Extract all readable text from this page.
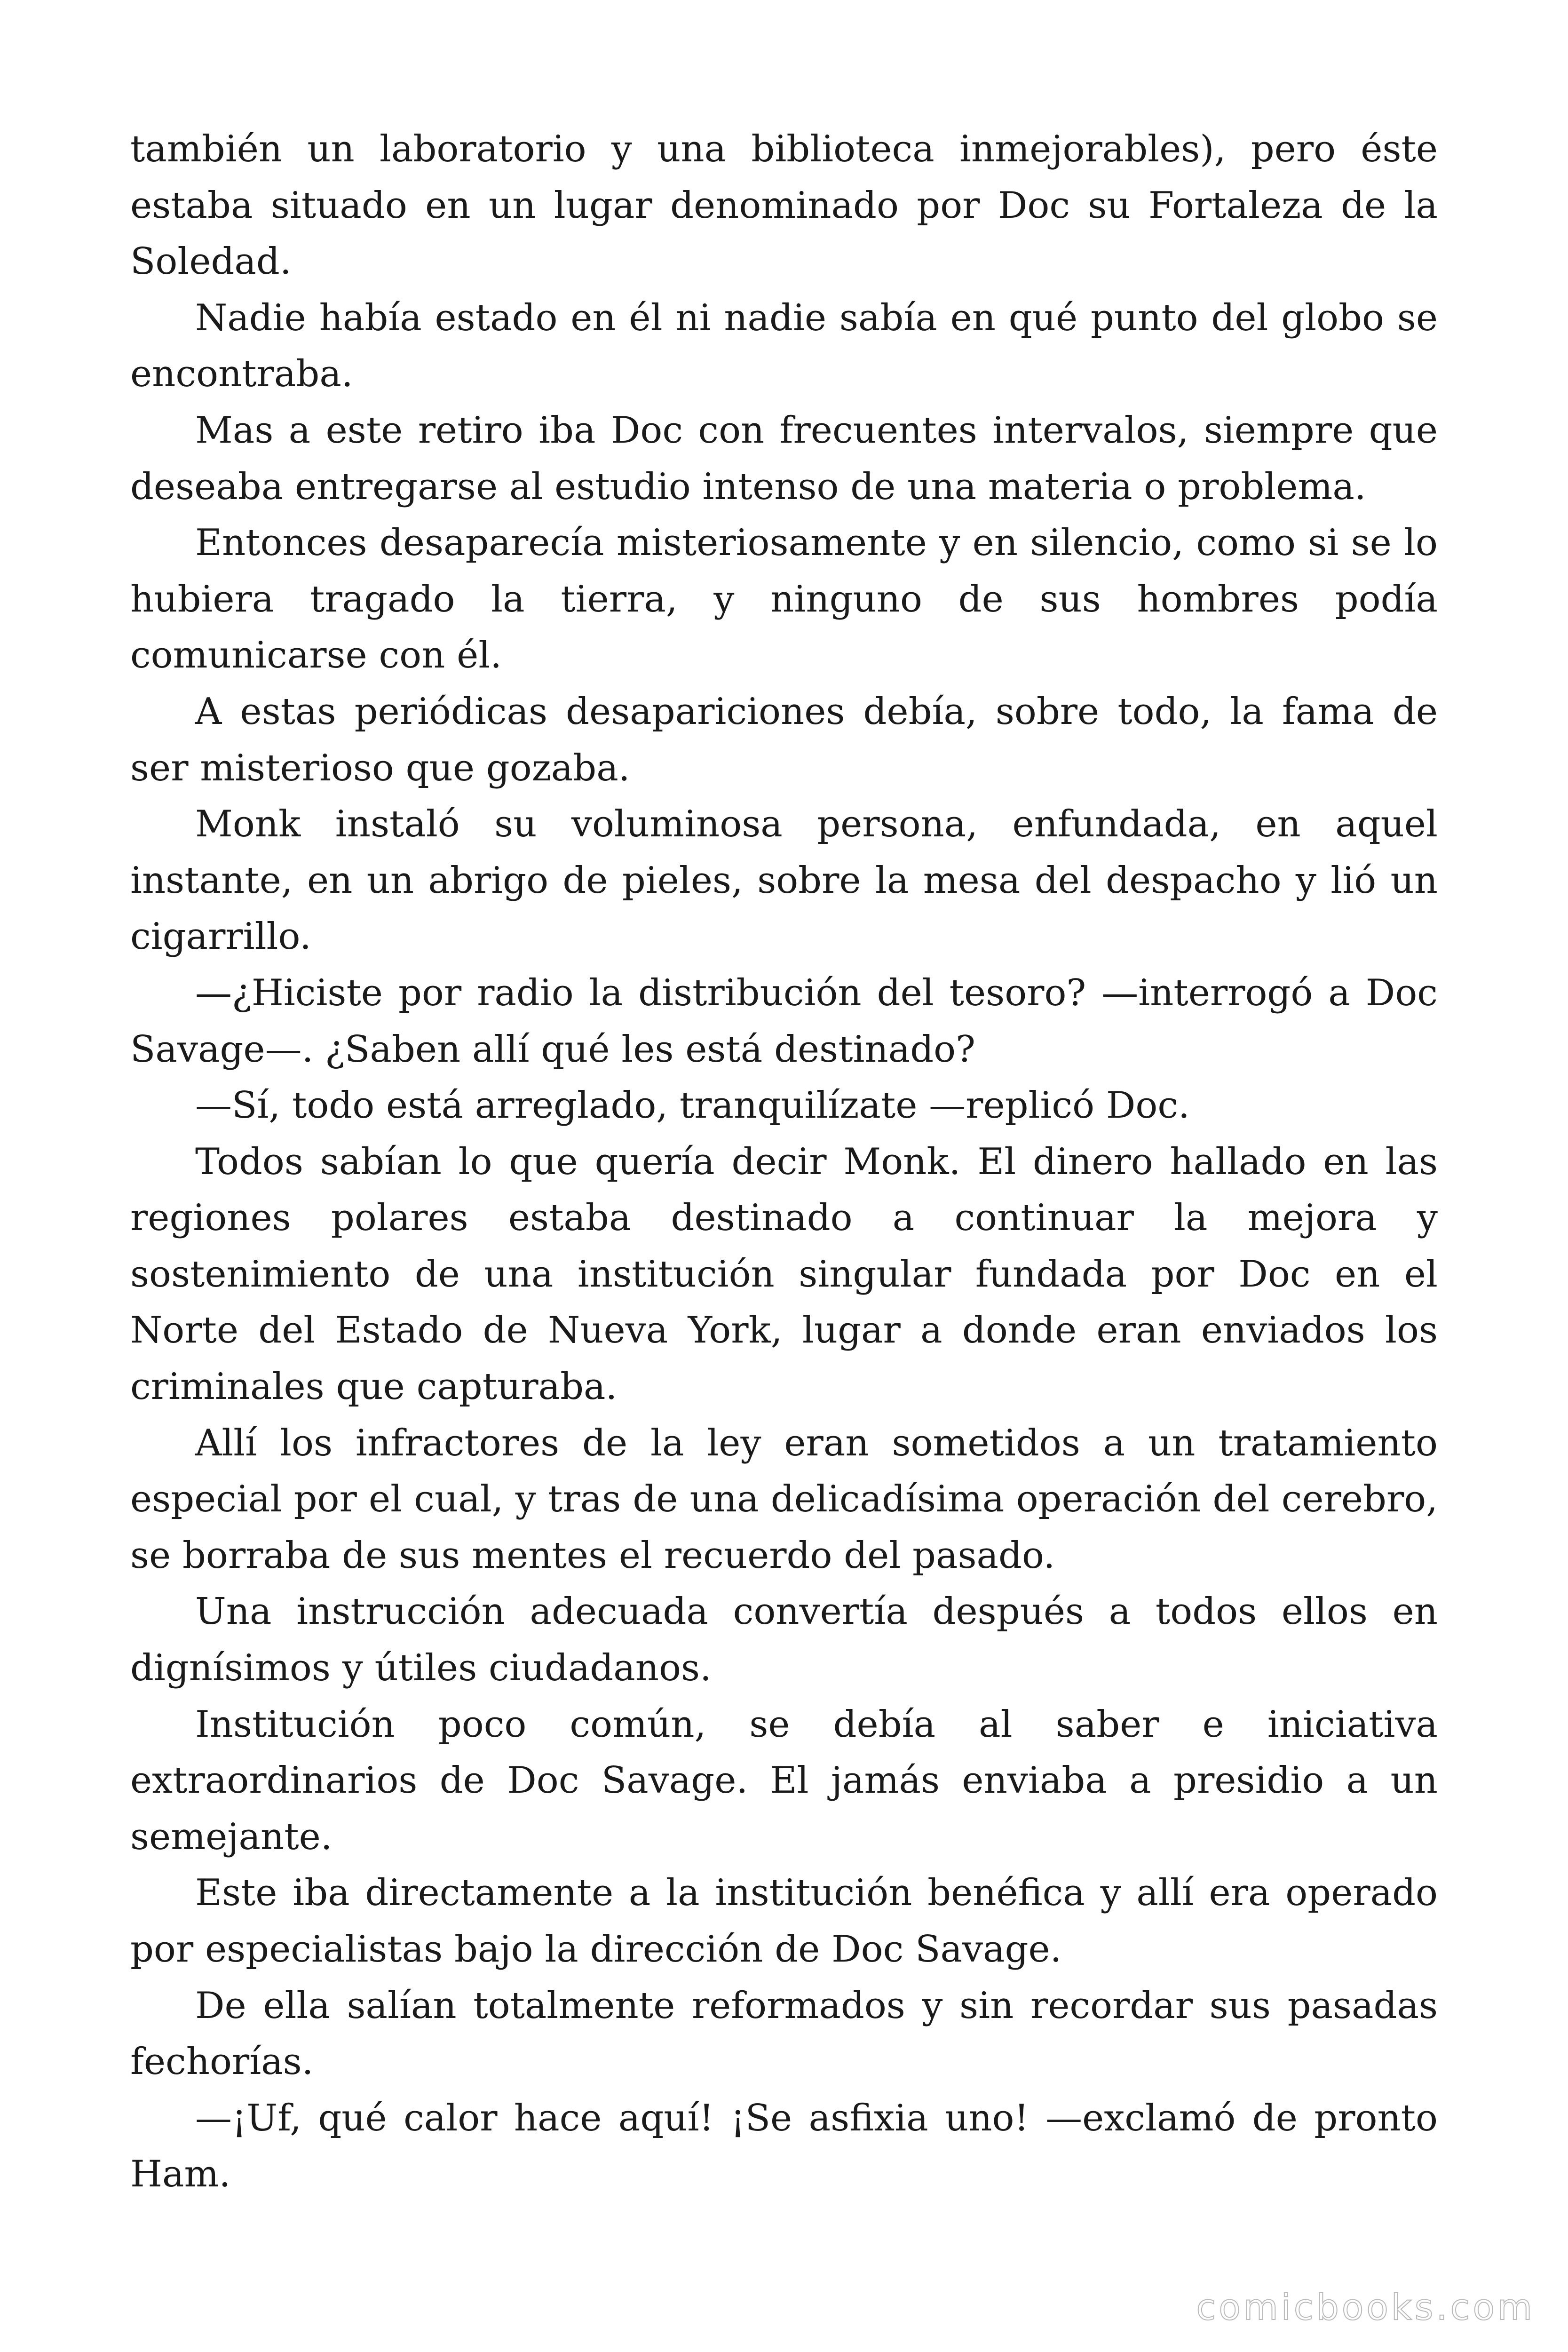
también un laboratorio y una biblioteca inmejorables), pero éste estaba situado en un lugar denominado por Doc su Fortaleza de la Soledad.

Nadie había estado en él ni nadie sabía en qué punto del globo se encontraba.

Mas a este retiro iba Doc con frecuentes intervalos, siempre que deseaba entregarse al estudio intenso de una materia o problema.

Entonces desaparecía misteriosamente y en silencio, como si se lo hubiera tragado la tierra, y ninguno de sus hombres podía comunicarse con él.

A estas periódicas desapariciones debía, sobre todo, la fama de ser misterioso que gozaba.

Monk instaló su voluminosa persona, enfundada, en aquel instante, en un abrigo de pieles, sobre la mesa del despacho y lió un cigarrillo.

—¿Hiciste por radio la distribución del tesoro? —interrogó a Doc Savage—. ¿Saben allí qué les está destinado?

—Sí, todo está arreglado, tranquilízate —replicó Doc.

Todos sabían lo que quería decir Monk. El dinero hallado en las regiones polares estaba destinado a continuar la mejora y sostenimiento de una institución singular fundada por Doc en el Norte del Estado de Nueva York, lugar a donde eran enviados los criminales que capturaba.

Allí los infractores de la ley eran sometidos a un tratamiento especial por el cual, y tras de una delicadísima operación del cerebro, se borraba de sus mentes el recuerdo del pasado.

Una instrucción adecuada convertía después a todos ellos en dignísimos y útiles ciudadanos.

Institución poco común, se debía al saber e iniciativa extraordinarios de Doc Savage. El jamás enviaba a presidio a un semejante.

Este iba directamente a la institución benéfica y allí era operado por especialistas bajo la dirección de Doc Savage.

De ella salían totalmente reformados y sin recordar sus pasadas fechorías.

—¡Uf, qué calor hace aquí! ¡Se asfixia uno! —exclamó de pronto Ham.

comicbooks.com
